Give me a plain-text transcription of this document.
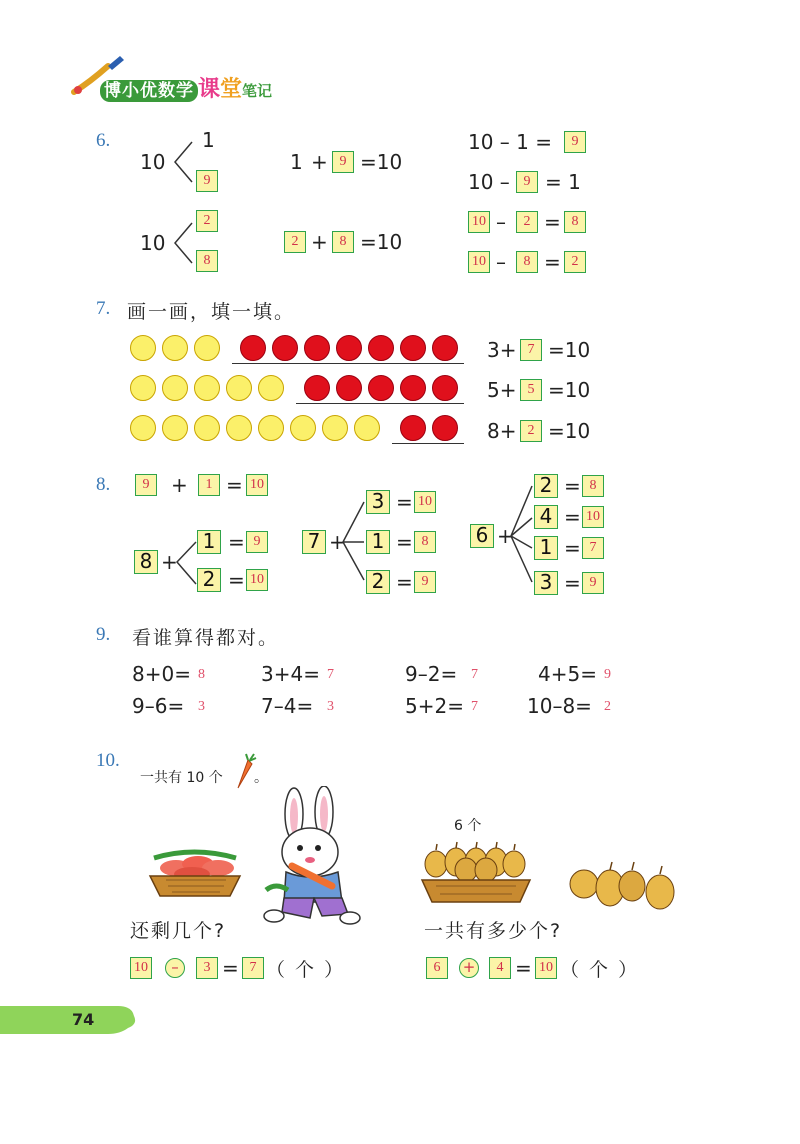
博小优数学 课堂笔记
6.
10
1
9
10
2
8
1 + 9 =10
2 + 8 =10
10 – 1 =	9
10 – 9 = 1
10 –	2 = 8
10 –	8 = 2
7. 画一画，填一填。
3+ 7 =10
5+ 5 =10
8+ 2 =10
8.	9	+	1 = 10
8 +
1 = 9
2 = 10
7 +
3 = 10
1 = 8
2 = 9
6 +
2 = 8
4 = 10
1 = 7
3 = 9
9. 看谁算得都对。
8+0= 8	3+4= 7	9–2= 7	4+5= 9
9–6= 3	7–4= 3	5+2= 7 10–8= 2
10.
一共有 10 个 。
6 个
还剩几个?	一共有多少个?
10	–	3 = 7 （ 个 ）	6	+	4 = 10 （ 个 ）
74
